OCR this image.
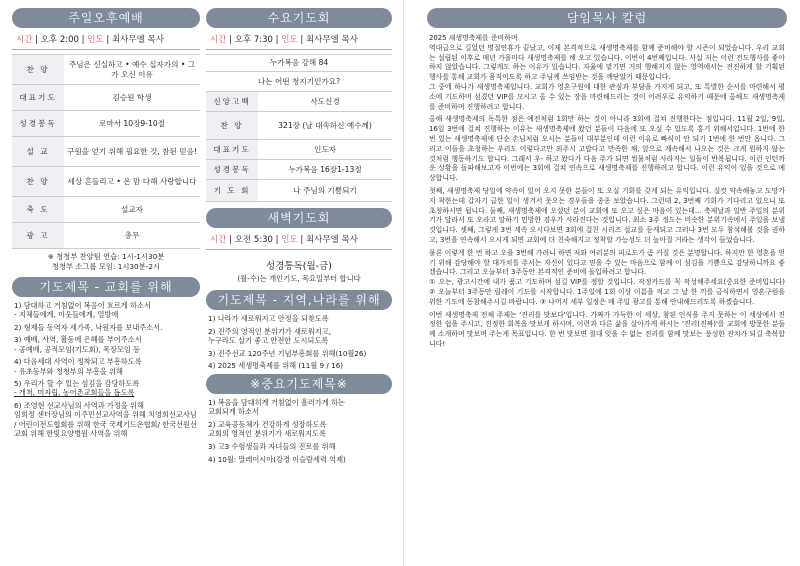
주일오후예배
시간 | 오후 2:00 | 인도 | 최사무엘 목사
찬 양	주님은 신실하고 • 예수 십자가의 • 그가 오신 이유
대표기도	김승원 학생
성경봉독	로마서 10장9-10절
설 교	구원을 얻기 위해 필요한 것, 참된 믿음!
찬 양	세상 흔들리고 • 온 맘 다해 사랑합니다
축 도	설교자
광 고	총무
※ 청청부 찬양팀 연습: 1시-1시30분
청청부 소그룹 모임: 1시30분-2시
기도제목 - 교회를 위해
1) 담대하고 거침없이 복음이 흐르게 하소서
- 지체들에게, 이웃들에게, 열방에
2) 형제들 동역자 세가족, 낙원자를 보내주소서.
3) 예배, 사역, 활동에 은혜를 부어주소서
- 공예배, 공적모임(기도회), 목장모임 등
4) 다음세대 사역이 정착되고 부흥하도록
- 유초등부와 청청부의 부흥을 위해
5) 우리가 할 수 있는 섬김을 감당하도록
- 개척, 미자립, 농어촌교회들을 돕도록
6) 조영현 선교사님의 사역과 가정을 위해
임희정 센터장님의 이주민선교사역을 위해 치영희선교사님 / 어린이전도협회를 위해 한국 국제기드온협회/ 한국선원선교회 위해 한빛요양병원 사역을 위해
수요기도회
시간 | 오후 7:30 | 인도 | 최사무엘 목사
누가복음 강해 84	
나는 어떤 청지기인가요?	
신앙고백	사도신경
찬 양	321장 (날 대속하신 예수께)
대표기도	인도자
성경봉독	누가복음 16장1-13절
기 도 회	나 주님의 기쁨되기
새벽기도회
시간 | 오전 5:30 | 인도 | 최사무엘 목사
성경통독(월-금)
(월-수)는 개인기도, 목요일부터 합니다
기도제목 - 지역,나라를 위해
1) 나라가 새로워지고 안정을 되찾도록
2) 진주의 영적인 분위기가 새로워지고,
누구라도 살기 좋고 안전한 도시되도록
3) 진주선교 120주년 기념부흥회를 위해(10월26)
4) 2025 새생명축제를 위해 (11월 9 / 16)
※중요기도제목※
1) 복음을 담대히게 거침없이 흘러가게 하는
교회되게 하소서
2) 교육공동체가 건강하게 성장하도록
교회의 영적인 분위기가 새로워지도록
3) 고3 수험생들과 자녀들의 진로를 위해
4) 10월: 말레이시아(강경 이슬람세력 억제)
담임목사 칼럼

2025 새생명축제를 준비하며

역대급으로 길었던 명절연휴가 끝났고, 이제 본격적으로 새생명축제를 함께 준비해야 할 시즌이 되었습니다. 우리 교회는 설립된 이후로 매년 가을마다 새생명축제를 해 오고 있습니다. 이번이 4번째입니다. 사실 저는 이런 전도행사를 좋아하지 않았습니다. 그렇게도 하는 이유가 있습니다. 자율에 맡기면 거의 행해지지 않는 영역에서는 전진하게 할 기획된 행사를 통해 교회가 움직이도록 하고 주님께 쓰임받는 것을 깨닫았기 때문입니다.

그 중에 하나가 새생명축제입니다. 교회가 영혼구원에 대한 관심과 부담을 가지게 되고, 또 특별한 순서를 마련해서 평소에 기도하며 섬겼던 VIP를 모시고 올 수 있는 장을 마련해드리는 것이 어려우로 유익하기 때문에 올해도 새생명축제를 준비하며 진행하려고 합니다.

올해 새생명축제의 독특한 점은 예전처럼 1회만 하는 것이 아니라 3회에 걸쳐 진행한다는 점입니다. 11월 2일, 9일, 16일 3번에 걸쳐 진행하는 이유는 새생명축제에 왔던 분들이 다음에 또 오실 수 있도록 홍기 위해서입니다. 1번에 한 번 있는 새생명축제에 단순 손님처럼 오시는 분들이 대부분인데 이런 이유로 빠식이 안 되기 1번에 한 번만 옵니다. 그리고 이들을 초청하는 우리도 이렇다고만 외주시 고맙다고 만족한 채, 앞으로 계속해서 나오는 것은 크게 원하지 않는 것처럼 행동하기도 합니다. 그래서 우- 하고 왔다가 다음 주가 되면 썰물처럼 사라지는 일들이 반복됩니다. 이런 인턴까운 상황을 돌파해보고자 이번에는 3회에 걸쳐 연속으로 새생명축제를 진행하려고 합니다. 이런 유익이 있을 것으로 예상합니다.

첫째, 새생명축제 당일에 약속이 있어 오지 못한 분들이 또 오실 기회를 갖게 되는 유익입니다. 실컷 약속해놓고 도망가지 착한는데 갑자기 급한 일이 생겨서 못오는 경우들을 종종 보았습니다. 그런데 2, 3번째 기회가 기다리고 있으니 또 초청하시면 됩니다. 둘째, 새생명축제에 오셨던 분이 교회에 또 오고 싶은 마음이 있는데... 축제날과 일반 주일의 분위기가 달라서 또 오라고 말하기 민망한 경우가 사라진다는 것입니다. 최소 3주 정도는 비슷한 분위기속에서 주일을 보낼 것입니다. 셋째, 그렇게 3번 계속 오시다보면 3회에 걸친 시리즈 설교를 듣게되고 그러나 3번 모두 참석해볼 것을 권하고, 3번을 연속해서 오시게 되면 교회에 더 친숙해지고 정착할 가능성도 더 높아질 거라는 생각이 들었습니다.

물론 이렇게 한 번 하고 오을 3번해 가려니 하면 저와 여러분의 피로도가 좀 커질 것은 분명합니다. 하지만 한 영혼을 얻기 위해 감당해야 할 대가치를 주서는 자신이 있다고 믿을 수 있는 마음으로 함께 이 섬김을 기쁨으로 감당하니까요 좋겠습니다. 그리고 오늘부터 3주동안 본격적인 준비에 돌입하려고 합니다.

① 오는, 광고시간에 내가 품고 기도하며 섬길 VIP를 정할 것입니다. 작정카드를 꼭 작성해주세요(중요한 준비입니다) ② 오늘부터 3주동안 릴레이 기도를 시작합니다. 1주일에 1회 이상 이름을 적고 그 날 한 끼를 금식하면서 영혼구원을 위한 기도에 동참해주시길 바랍니다. ③ 나머지 세부 일정은 매 주일 광고를 통해 안내해드리도록 하겠습니다.

이번 새생명축제 전체 주제는 '진리를 맛보다'입니다. 가짜가 가득한 이 세상, 참된 인식을 주지 못하는 이 세상에서 진정한 쉼을 주시고, 진정한 회복을 맛보게 하시며, 이런과 다른 삶을 살아가게 하시는 '진리(진짜)'를 교회에 방문한 분들께 소개하며 맛보며 주는게 목표입니다. 한 번 맛보면 절대 잊을 수 없는 진리를 함께 맛보는 풍성한 잔치가 되길 축복합니다!
